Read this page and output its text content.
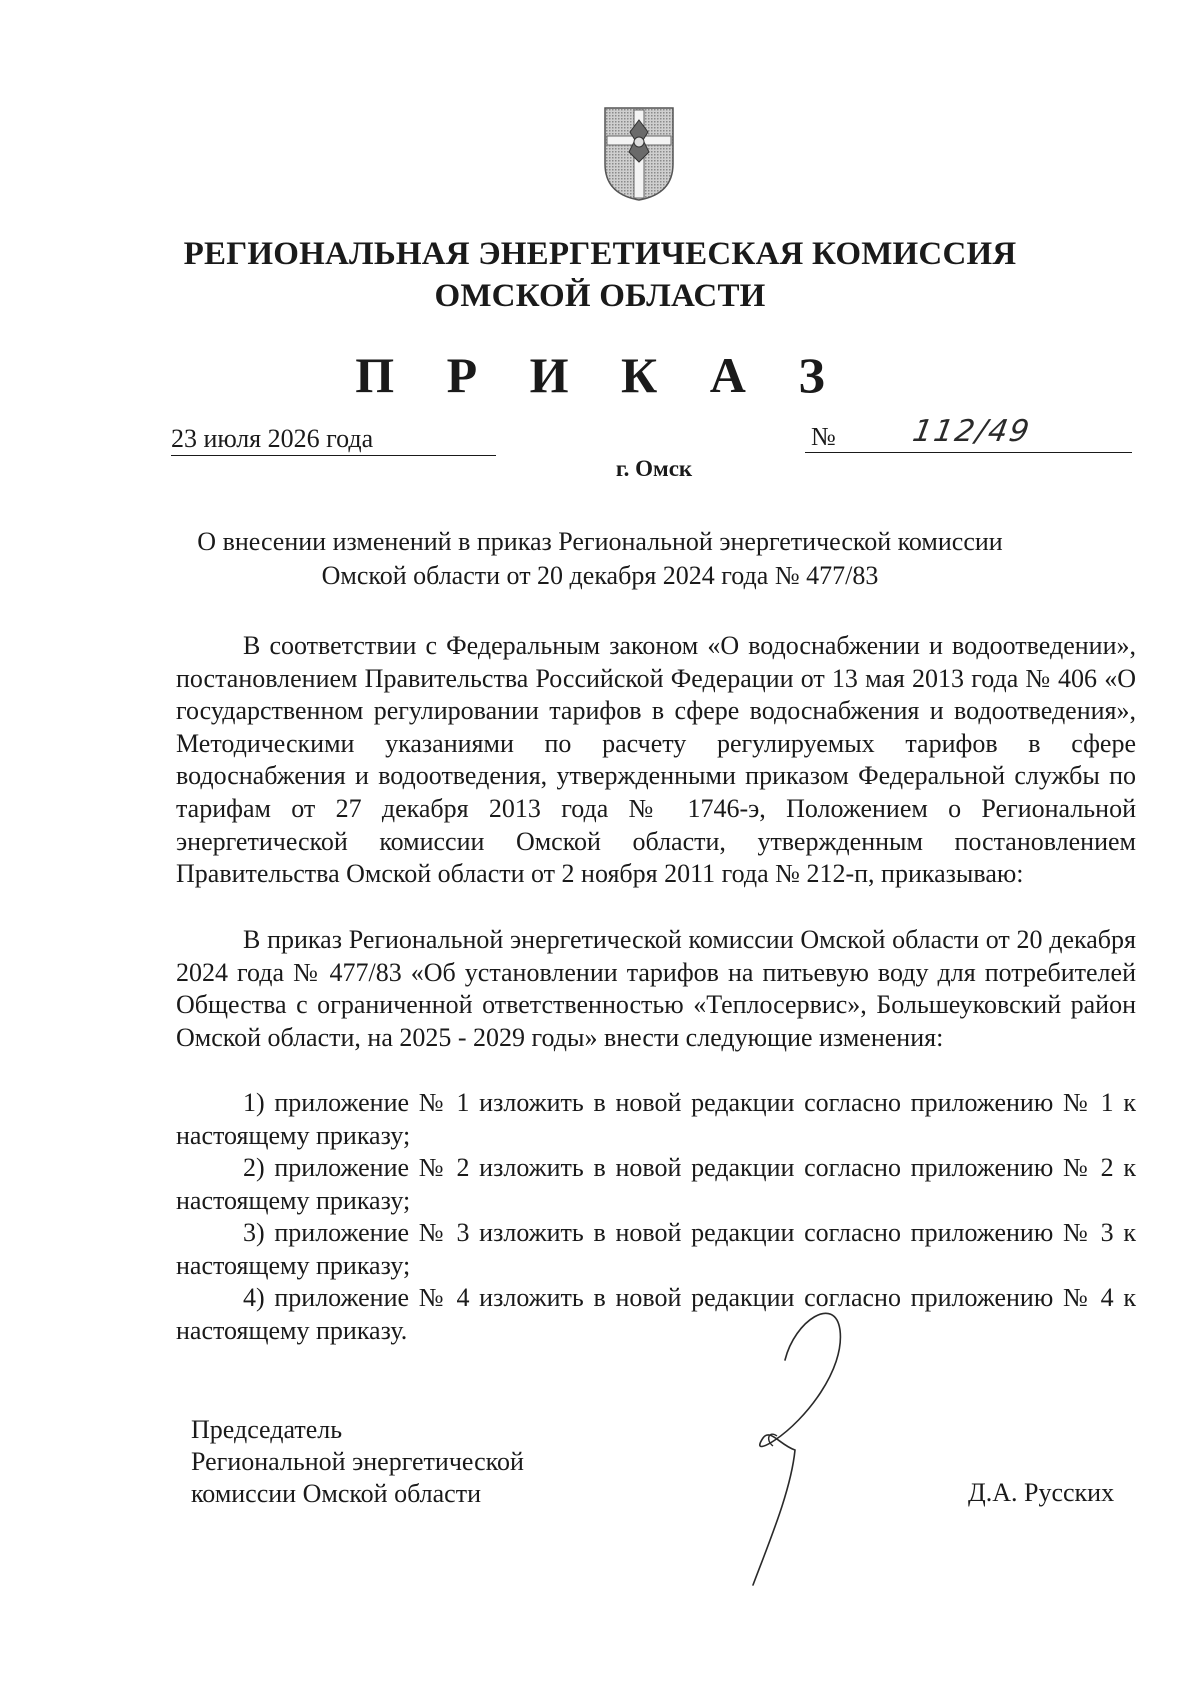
РЕГИОНАЛЬНАЯ ЭНЕРГЕТИЧЕСКАЯ КОМИССИЯ
ОМСКОЙ ОБЛАСТИ
П Р И К А З
23 июля 2026 года	№ 112/49
г. Омск
О внесении изменений в приказ Региональной энергетической комиссии
Омской области от 20 декабря 2024 года № 477/83

В соответствии с Федеральным законом «О водоснабжении и водоотведении», постановлением Правительства Российской Федерации от 13 мая 2013 года № 406 «О государственном регулировании тарифов в сфере водоснабжения и водоотведения», Методическими указаниями по расчету регулируемых тарифов в сфере водоснабжения и водоотведения, утвержденными приказом Федеральной службы по тарифам от 27 декабря 2013 года № 1746-э, Положением о Региональной энергетической комиссии Омской области, утвержденным постановлением Правительства Омской области от 2 ноября 2011 года № 212-п, приказываю:

В приказ Региональной энергетической комиссии Омской области от 20 декабря 2024 года № 477/83 «Об установлении тарифов на питьевую воду для потребителей Общества с ограниченной ответственностью «Теплосервис», Большеуковский район Омской области, на 2025 - 2029 годы» внести следующие изменения:

1) приложение № 1 изложить в новой редакции согласно приложению № 1 к настоящему приказу;

2) приложение № 2 изложить в новой редакции согласно приложению № 2 к настоящему приказу;

3) приложение № 3 изложить в новой редакции согласно приложению № 3 к настоящему приказу;

4) приложение № 4 изложить в новой редакции согласно приложению № 4 к настоящему приказу.

Председатель
Региональной энергетической
комиссии Омской области	Д.А. Русских
